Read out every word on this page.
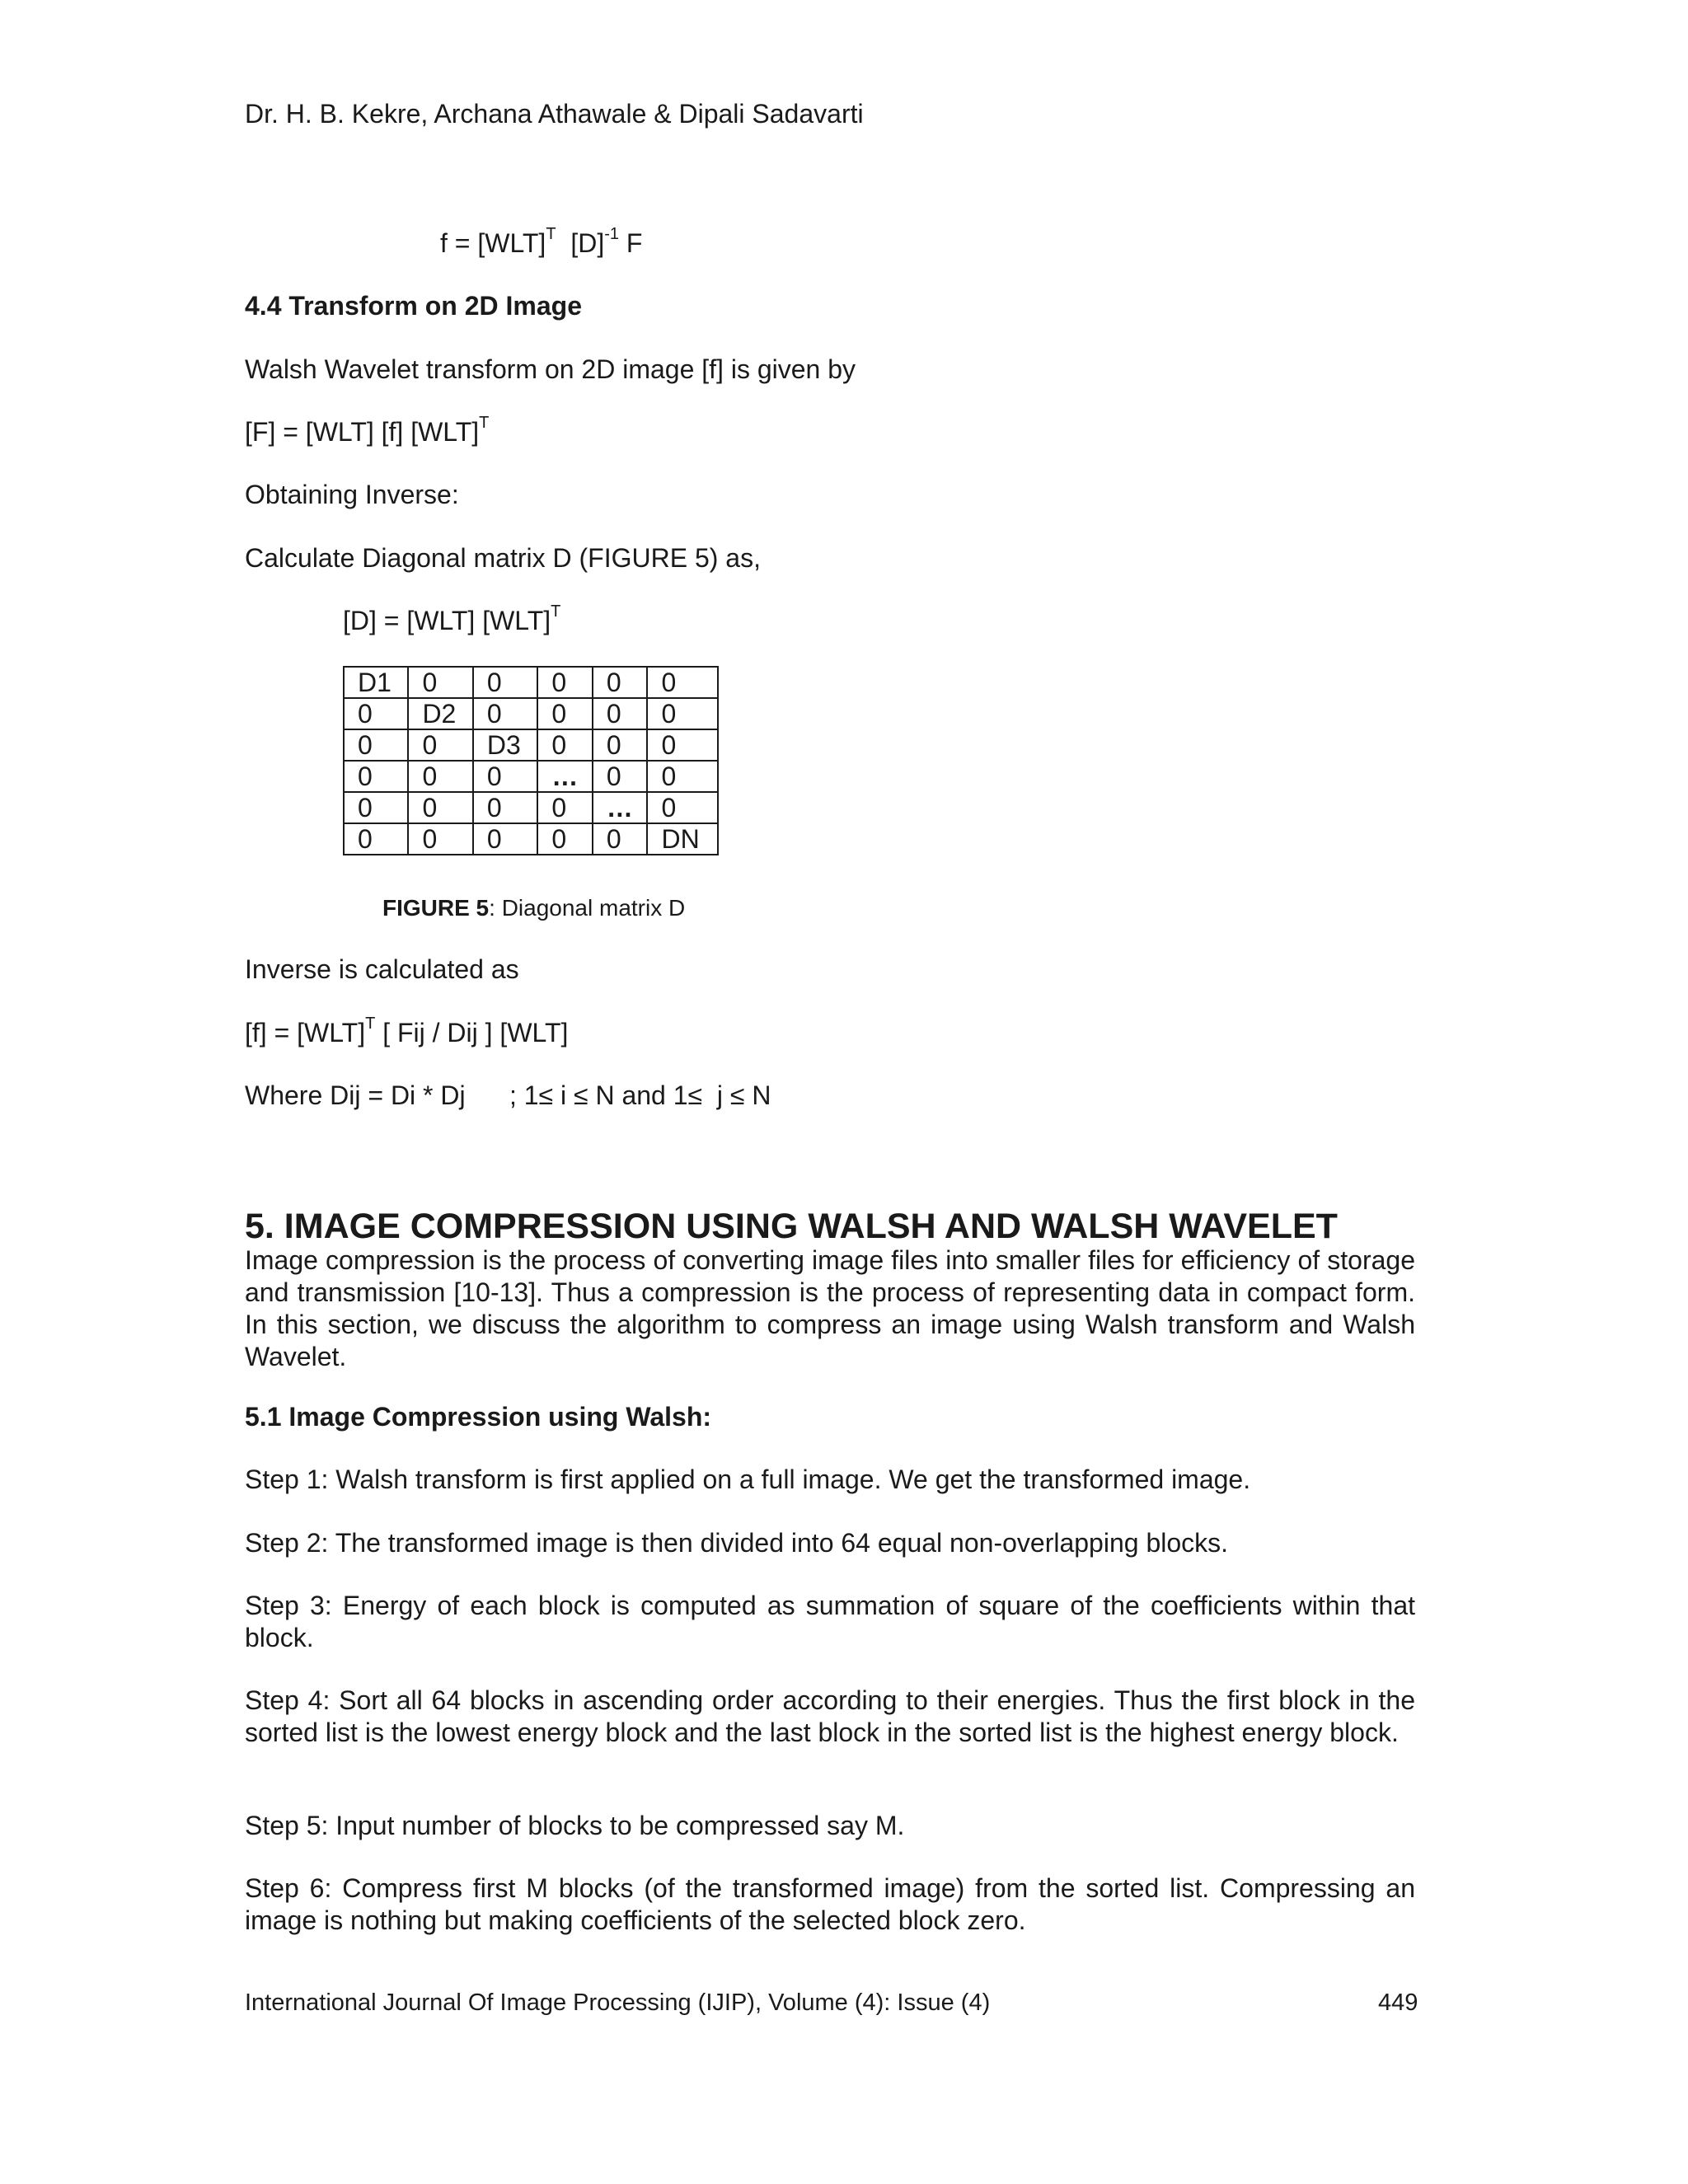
Dr. H. B. Kekre, Archana Athawale & Dipali Sadavarti
f = [WLT]$^T$  $[D]^{-1}$ F
4.4 Transform on 2D Image
Walsh Wavelet transform on 2D image [f] is given by
[F] = [WLT] [f] [WLT]$^T$
Obtaining Inverse:
Calculate Diagonal matrix D (FIGURE 5) as,
[D] = [WLT] [WLT]$^T$
D1	0	0	0	0	0
0	D2	0	0	0	0
0	0	D3	0	0	0
0	0	0	…	0	0
0	0	0	0	…	0
0	0	0	0	0	DN
FIGURE 5: Diagonal matrix D
Inverse is calculated as
[f] = [WLT]$^T$ [ Fij / Dij ] [WLT]
Where Dij = Di * Dj      ; 1≤ i ≤ N and 1≤  j ≤ N
5. IMAGE COMPRESSION USING WALSH AND WALSH WAVELET
Image compression is the process of converting image files into smaller files for efficiency of storage and transmission [10-13]. Thus a compression is the process of representing data in compact form. In this section, we discuss the algorithm to compress an image using Walsh transform and Walsh Wavelet.
5.1 Image Compression using Walsh:
Step 1: Walsh transform is first applied on a full image. We get the transformed image.
Step 2: The transformed image is then divided into 64 equal non-overlapping blocks.
Step 3: Energy of each block is computed as summation of square of the coefficients within that block.
Step 4: Sort all 64 blocks in ascending order according to their energies. Thus the first block in the sorted list is the lowest energy block and the last block in the sorted list is the highest energy block.
Step 5: Input number of blocks to be compressed say M.
Step 6: Compress first M blocks (of the transformed image) from the sorted list. Compressing an image is nothing but making coefficients of the selected block zero.
International Journal Of Image Processing (IJIP), Volume (4): Issue (4)	449
